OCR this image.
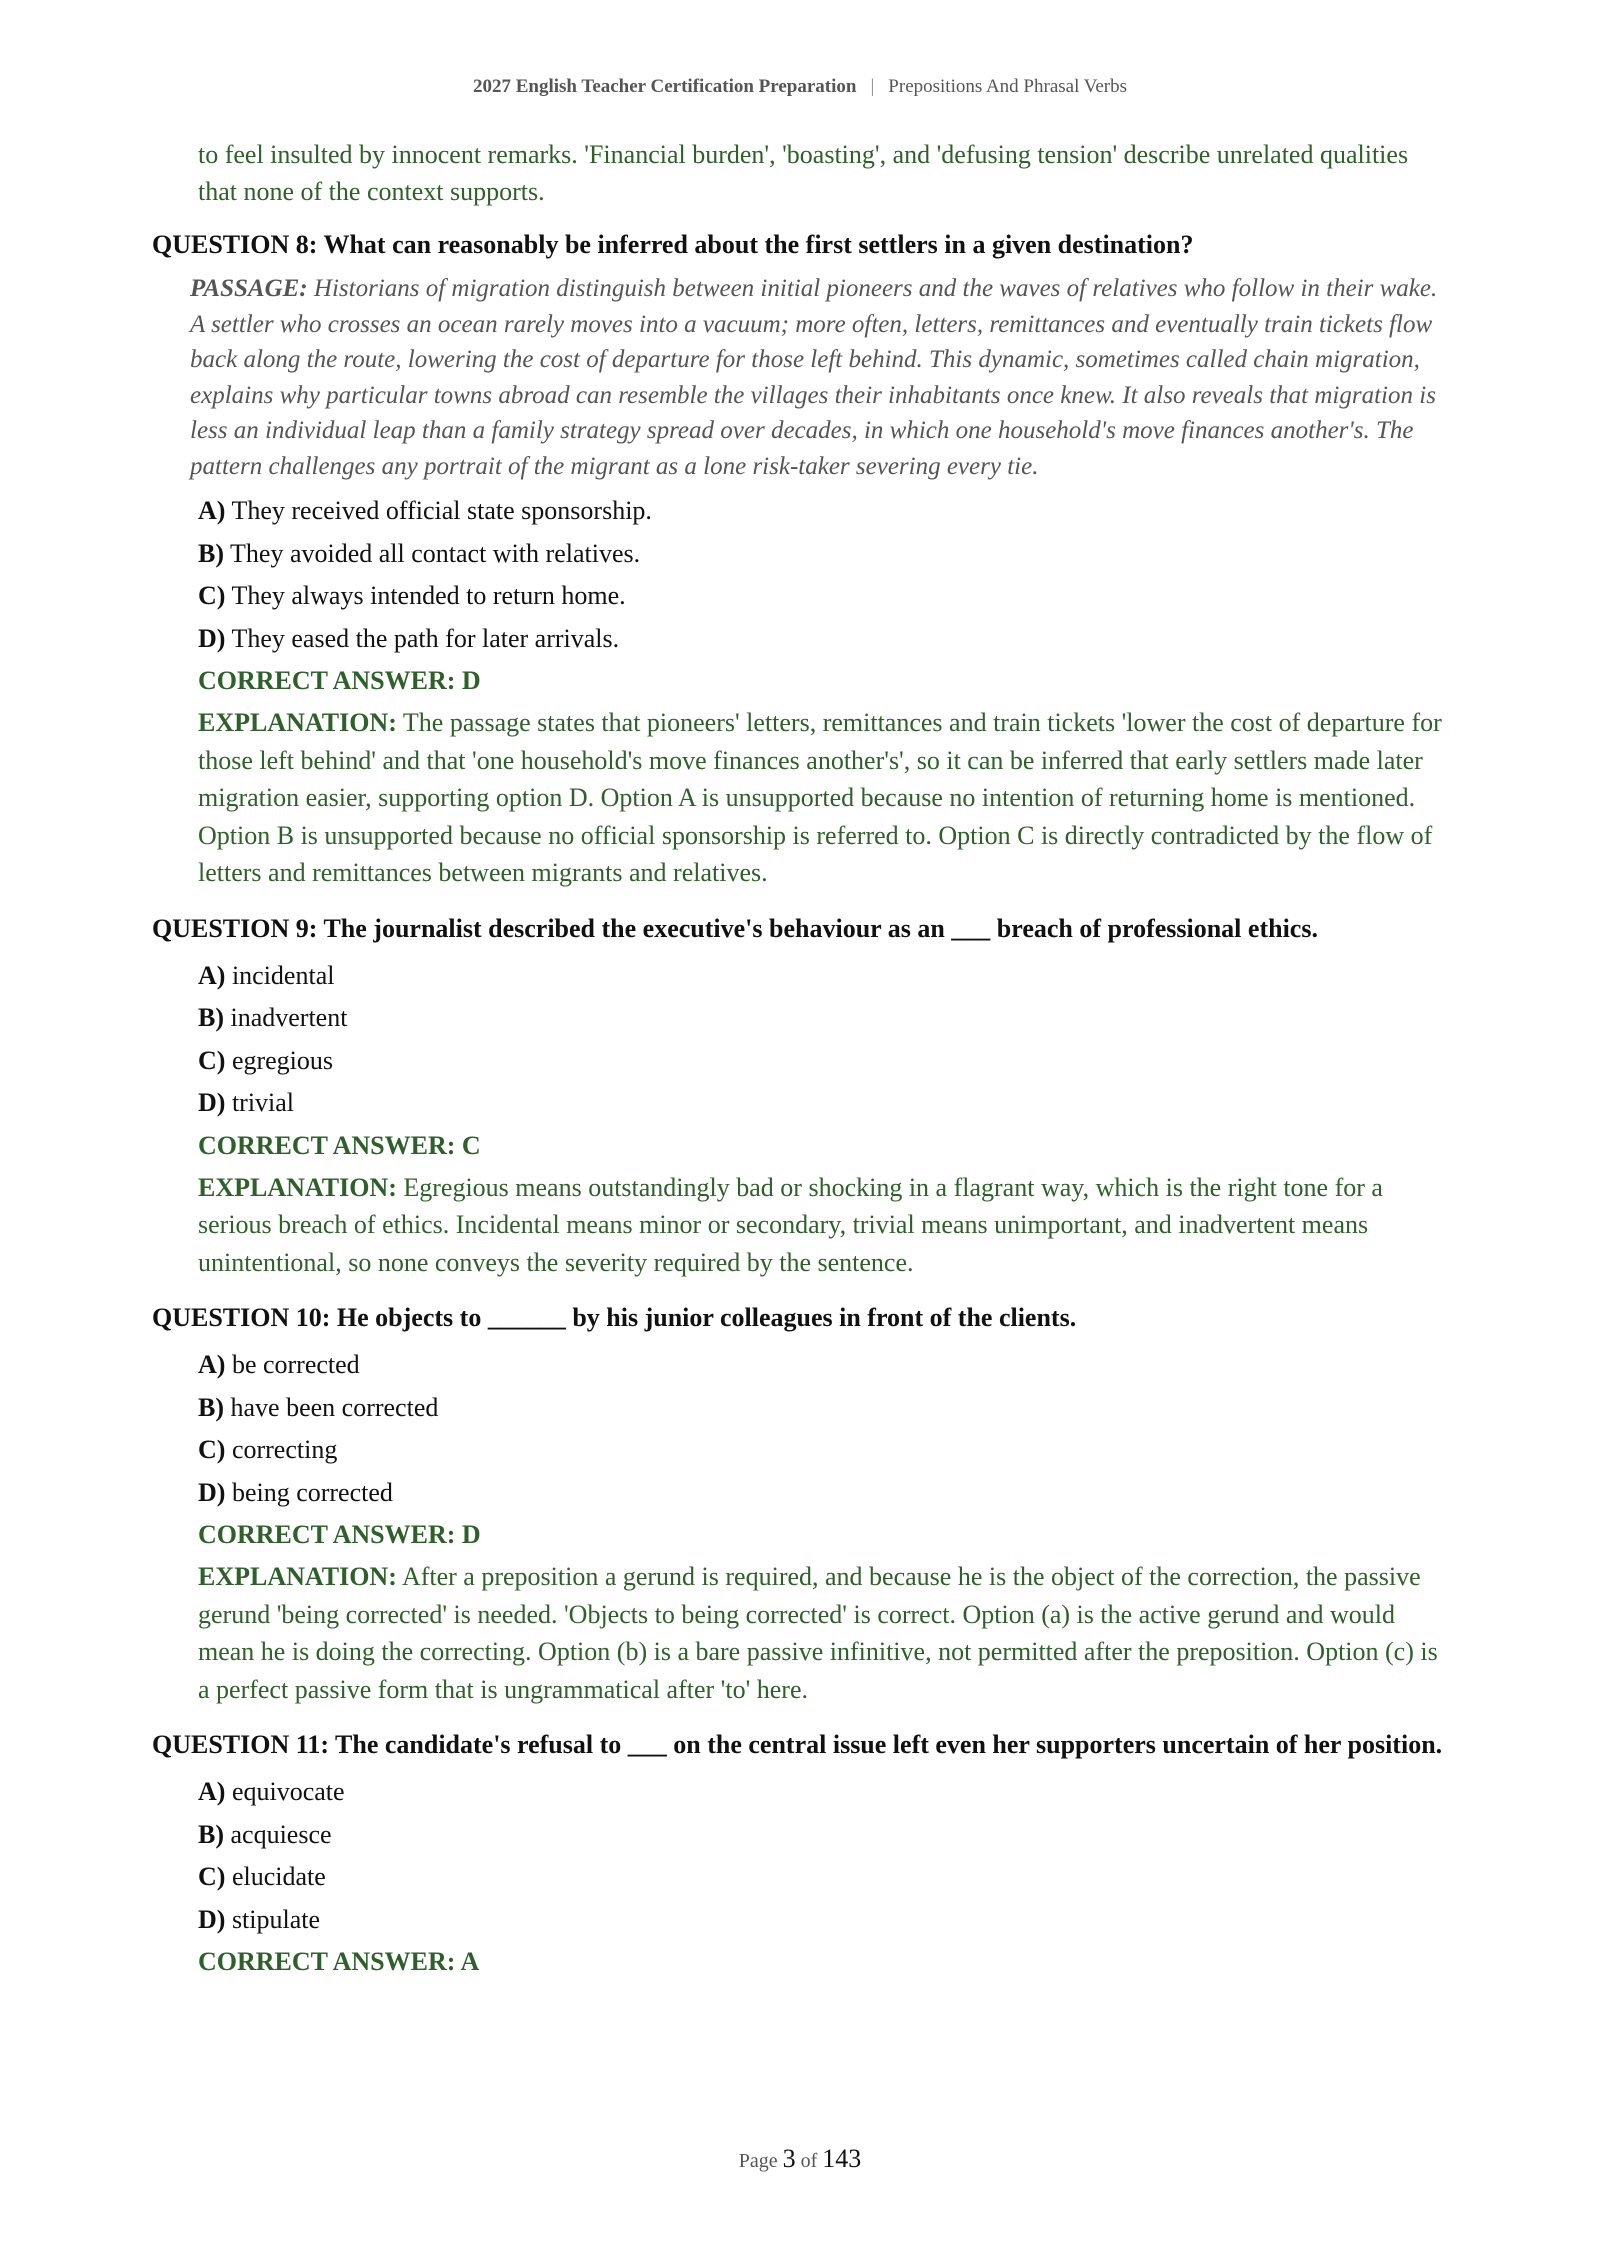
2027 English Teacher Certification Preparation | Prepositions And Phrasal Verbs
to feel insulted by innocent remarks. 'Financial burden', 'boasting', and 'defusing tension' describe unrelated qualities that none of the context supports.
QUESTION 8: What can reasonably be inferred about the first settlers in a given destination?
PASSAGE: Historians of migration distinguish between initial pioneers and the waves of relatives who follow in their wake. A settler who crosses an ocean rarely moves into a vacuum; more often, letters, remittances and eventually train tickets flow back along the route, lowering the cost of departure for those left behind. This dynamic, sometimes called chain migration, explains why particular towns abroad can resemble the villages their inhabitants once knew. It also reveals that migration is less an individual leap than a family strategy spread over decades, in which one household's move finances another's. The pattern challenges any portrait of the migrant as a lone risk-taker severing every tie.
A) They received official state sponsorship.
B) They avoided all contact with relatives.
C) They always intended to return home.
D) They eased the path for later arrivals.
CORRECT ANSWER: D
EXPLANATION: The passage states that pioneers' letters, remittances and train tickets 'lower the cost of departure for those left behind' and that 'one household's move finances another's', so it can be inferred that early settlers made later migration easier, supporting option D. Option A is unsupported because no intention of returning home is mentioned. Option B is unsupported because no official sponsorship is referred to. Option C is directly contradicted by the flow of letters and remittances between migrants and relatives.
QUESTION 9: The journalist described the executive's behaviour as an ___ breach of professional ethics.
A) incidental
B) inadvertent
C) egregious
D) trivial
CORRECT ANSWER: C
EXPLANATION: Egregious means outstandingly bad or shocking in a flagrant way, which is the right tone for a serious breach of ethics. Incidental means minor or secondary, trivial means unimportant, and inadvertent means unintentional, so none conveys the severity required by the sentence.
QUESTION 10: He objects to ______ by his junior colleagues in front of the clients.
A) be corrected
B) have been corrected
C) correcting
D) being corrected
CORRECT ANSWER: D
EXPLANATION: After a preposition a gerund is required, and because he is the object of the correction, the passive gerund 'being corrected' is needed. 'Objects to being corrected' is correct. Option (a) is the active gerund and would mean he is doing the correcting. Option (b) is a bare passive infinitive, not permitted after the preposition. Option (c) is a perfect passive form that is ungrammatical after 'to' here.
QUESTION 11: The candidate's refusal to ___ on the central issue left even her supporters uncertain of her position.
A) equivocate
B) acquiesce
C) elucidate
D) stipulate
CORRECT ANSWER: A
Page 3 of 143
